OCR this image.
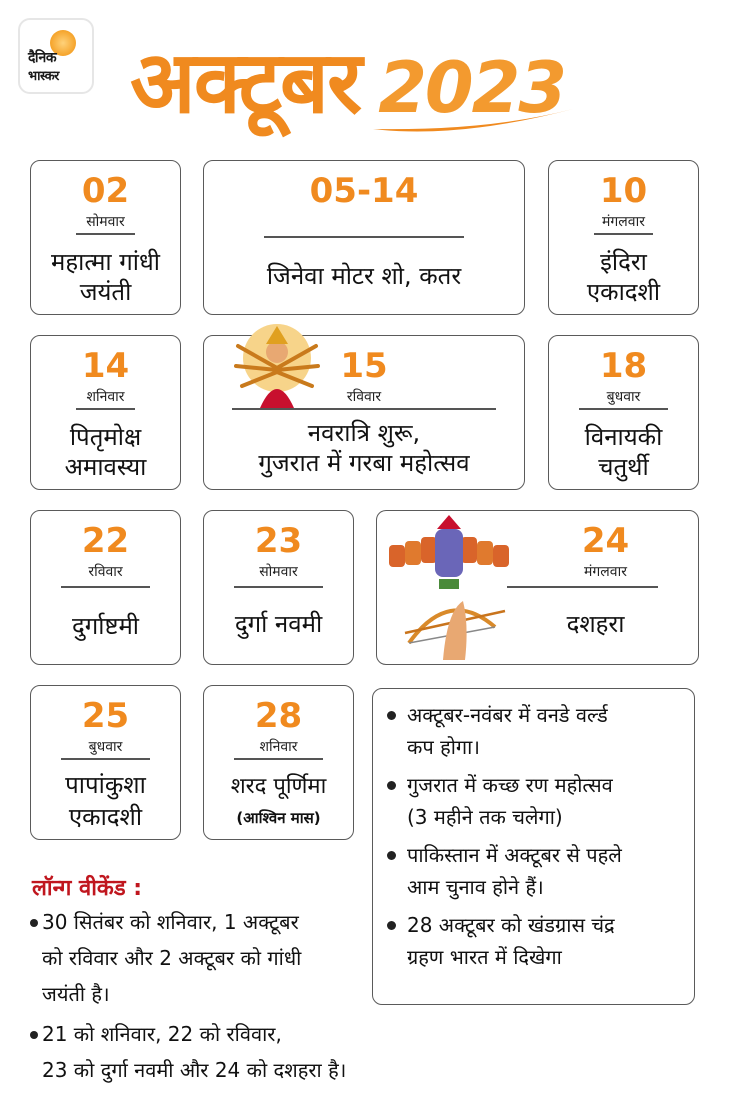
दैनिक
भास्कर अक्टूबर 2023
02
सोमवार
महात्मा गांधी
जयंती
05-14
जिनेवा मोटर शो, कतर
10
मंगलवार
इंदिरा
एकादशी
14
शनिवार
पितृमोक्ष
अमावस्या
15
रविवार
नवरात्रि शुरू,
गुजरात में गरबा महोत्सव
18
बुधवार
विनायकी
चतुर्थी
22
रविवार
दुर्गाष्टमी
23
सोमवार
दुर्गा नवमी
24
मंगलवार
दशहरा
25
बुधवार
पापांकुशा
एकादशी
28
शनिवार
शरद पूर्णिमा
(आश्विन मास)
अक्टूबर-नवंबर में वनडे वर्ल्ड
कप होगा।
गुजरात में कच्छ रण महोत्सव
(3 महीने तक चलेगा)
पाकिस्तान में अक्टूबर से पहले
आम चुनाव होने हैं।
28 अक्टूबर को खंडग्रास चंद्र
ग्रहण भारत में दिखेगा
लॉन्ग वीकेंड :
30 सितंबर को शनिवार, 1 अक्टूबर
को रविवार और 2 अक्टूबर को गांधी
जयंती है।
21 को शनिवार, 22 को रविवार,
23 को दुर्गा नवमी और 24 को दशहरा है।
